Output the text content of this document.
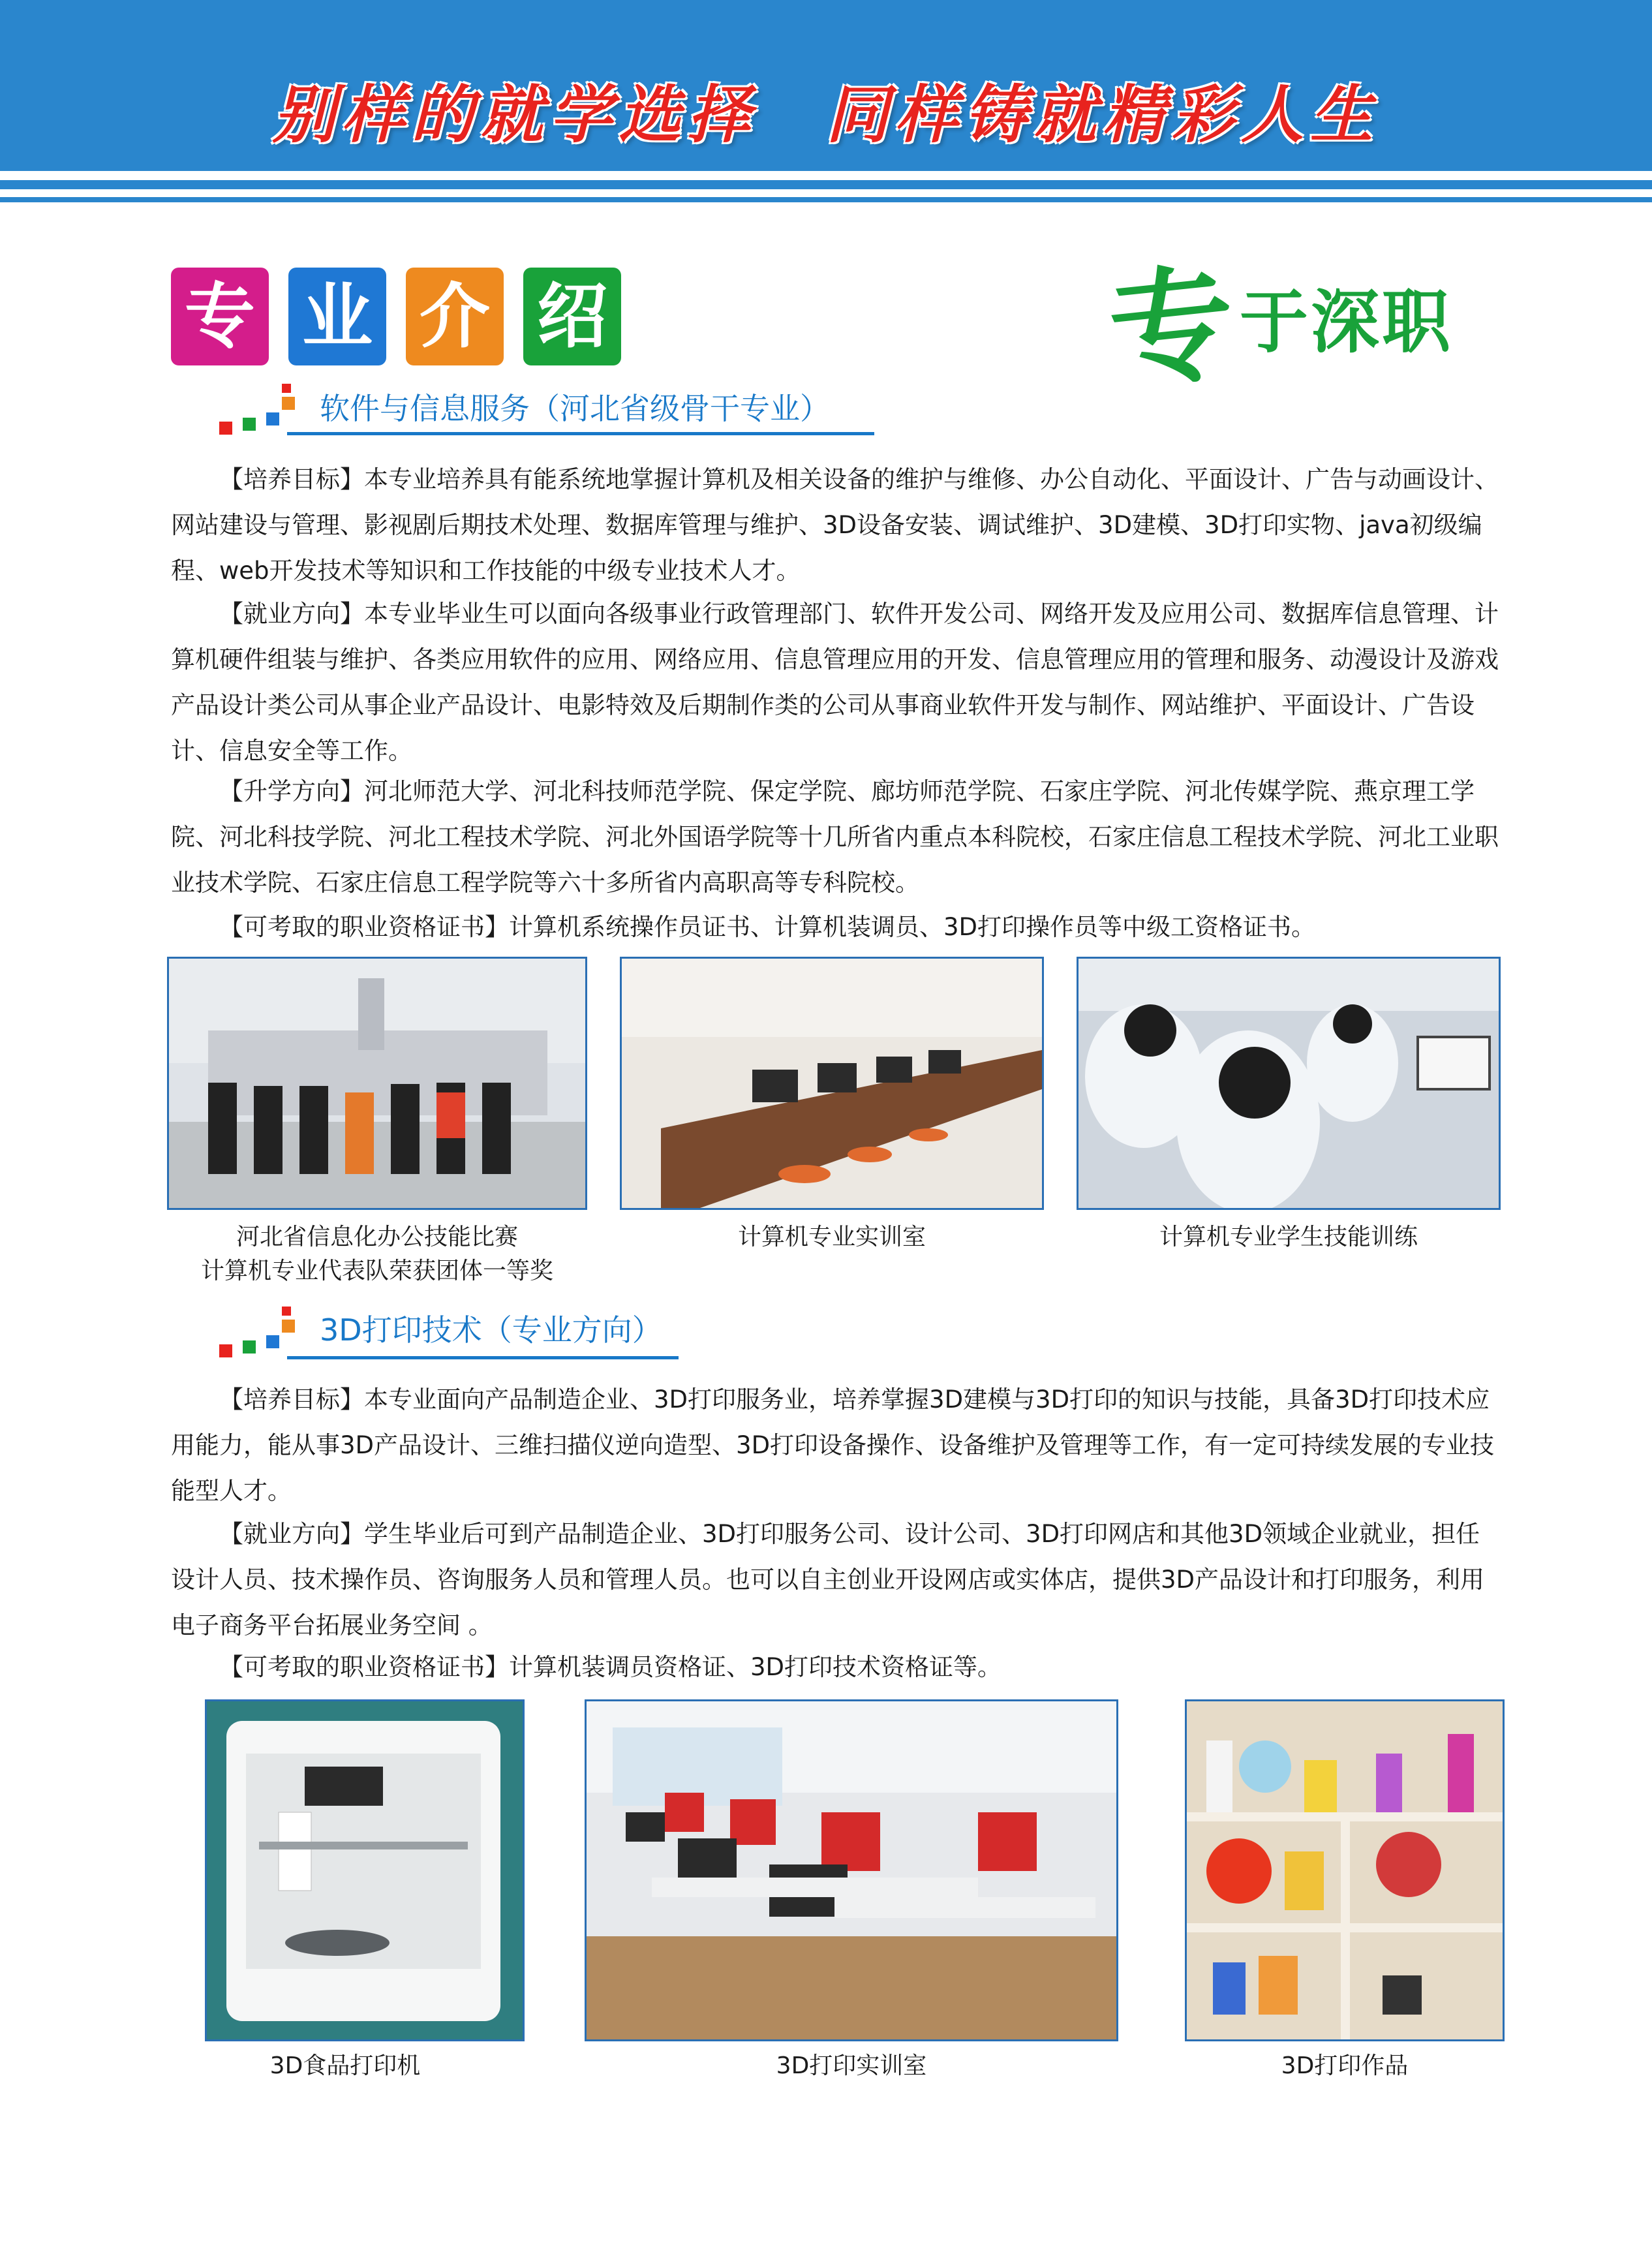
别样的就学选择　同样铸就精彩人生
专 业 介 绍	专
于深职
软件与信息服务（河北省级骨干专业）

【培养目标】本专业培养具有能系统地掌握计算机及相关设备的维护与维修、办公自动化、平面设计、广告与动画设计、网站建设与管理、影视剧后期技术处理、数据库管理与维护、3D设备安装、调试维护、3D建模、3D打印实物、java初级编程、web开发技术等知识和工作技能的中级专业技术人才。

【就业方向】本专业毕业生可以面向各级事业行政管理部门、软件开发公司、网络开发及应用公司、数据库信息管理、计算机硬件组装与维护、各类应用软件的应用、网络应用、信息管理应用的开发、信息管理应用的管理和服务、动漫设计及游戏产品设计类公司从事企业产品设计、电影特效及后期制作类的公司从事商业软件开发与制作、网站维护、平面设计、广告设计、信息安全等工作。

【升学方向】河北师范大学、河北科技师范学院、保定学院、廊坊师范学院、石家庄学院、河北传媒学院、燕京理工学院、河北科技学院、河北工程技术学院、河北外国语学院等十几所省内重点本科院校，石家庄信息工程技术学院、河北工业职业技术学院、石家庄信息工程学院等六十多所省内高职高等专科院校。

【可考取的职业资格证书】计算机系统操作员证书、计算机装调员、3D打印操作员等中级工资格证书。

河北省信息化办公技能比赛
计算机专业代表队荣获团体一等奖
计算机专业实训室	计算机专业学生技能训练
3D打印技术（专业方向）

【培养目标】本专业面向产品制造企业、3D打印服务业，培养掌握3D建模与3D打印的知识与技能，具备3D打印技术应用能力，能从事3D产品设计、三维扫描仪逆向造型、3D打印设备操作、设备维护及管理等工作，有一定可持续发展的专业技能型人才。

【就业方向】学生毕业后可到产品制造企业、3D打印服务公司、设计公司、3D打印网店和其他3D领域企业就业，担任设计人员、技术操作员、咨询服务人员和管理人员。也可以自主创业开设网店或实体店，提供3D产品设计和打印服务，利用电子商务平台拓展业务空间 。

【可考取的职业资格证书】计算机装调员资格证、3D打印技术资格证等。

3D食品打印机	3D打印实训室	3D打印作品
